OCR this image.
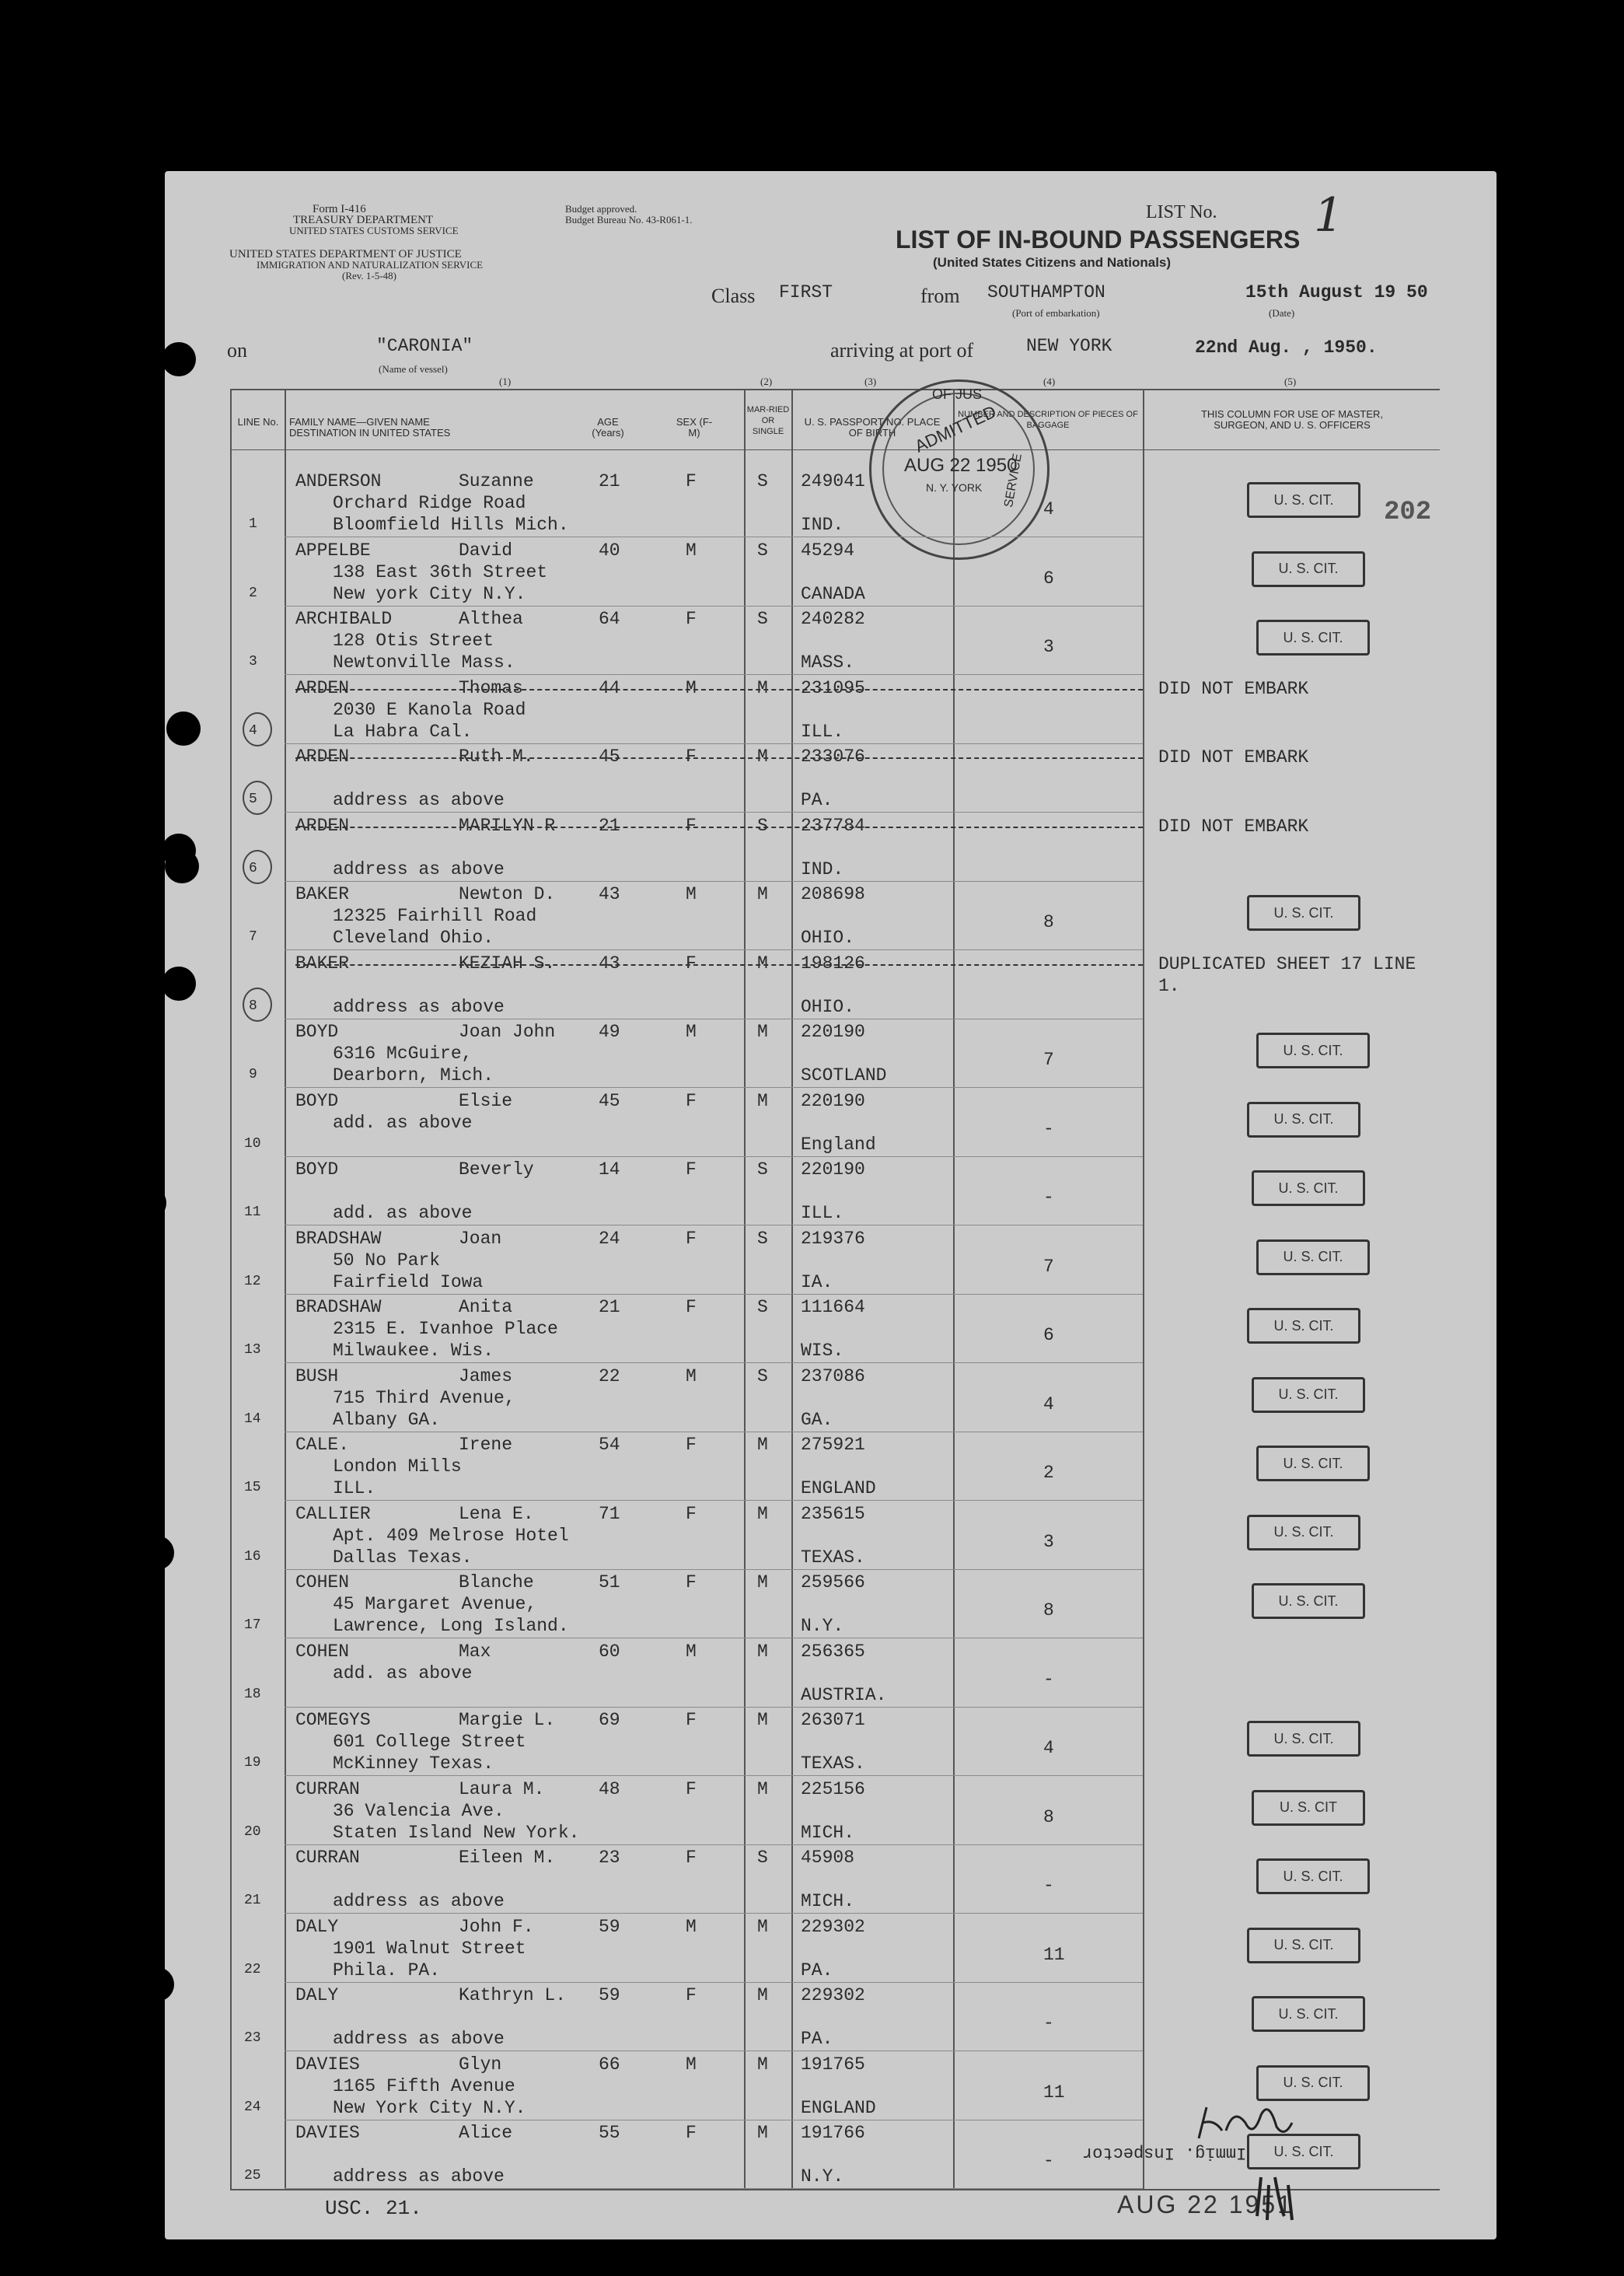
Form I-416
TREASURY DEPARTMENT
UNITED STATES CUSTOMS SERVICE
UNITED STATES DEPARTMENT OF JUSTICE
IMMIGRATION AND NATURALIZATION SERVICE
(Rev. 1-5-48)
Budget approved.
Budget Bureau No. 43-R061-1.	LIST No. 1
LIST OF IN-BOUND PASSENGERS
(United States Citizens and Nationals)
Class FIRST	from SOUTHAMPTON
(Port of embarkation)
15th August 19 50
(Date)
on	"CARONIA"
(Name of vessel)
arriving at port of	NEW YORK	22nd Aug. , 1950.
(1)	(2)	(3)	(4)	(5)
LINE No. FAMILY NAME—GIVEN NAME DESTINATION IN UNITED STATES
AGE (Years)
SEX (F-M)
MAR-RIED OR SINGLE
U. S. PASSPORT NO. PLACE OF BIRTH
NUMBER AND DESCRIPTION OF PIECES OF BAGGAGE
THIS COLUMN FOR USE OF MASTER, SURGEON, AND U. S. OFFICERS
OF JUS
ADMITTED
AUG 22 1950
N. Y. YORK SERVICE
202
1
ANDERSON	Suzanne
Orchard Ridge Road
Bloomfield Hills Mich.
21	F	S 249041
IND.
4	U. S. CIT.
2
APPELBE	David
138 East 36th Street
New york City N.Y.
40	M	S 45294
CANADA
6	U. S. CIT.
3
ARCHIBALD	Althea
128 Otis Street
Newtonville Mass.
64	F	S 240282
MASS.
3	U. S. CIT.
4
ARDEN	Thomas
2030 E Kanola Road
La Habra Cal.
44	M	M 231095
ILL.
DID NOT EMBARK
5
ARDEN	Ruth M.
address as above
45	F	M 233076
PA.
DID NOT EMBARK
6
ARDEN	MARILYN R
address as above
21	F	S 237784
IND.
DID NOT EMBARK
7
BAKER	Newton D.
12325 Fairhill Road
Cleveland Ohio.
43	M	M 208698
OHIO.
8	U. S. CIT.
8
BAKER	KEZIAH S.
address as above
43	F	M 198126
OHIO.
DUPLICATED SHEET 17 LINE 1.
9
BOYD	Joan John
6316 McGuire,
Dearborn, Mich.
49	M	M 220190
SCOTLAND
7	U. S. CIT.
10
BOYD	Elsie
add. as above
45	F	M 220190
England
-	U. S. CIT.
11
BOYD	Beverly
add. as above
14	F	S 220190
ILL.
-	U. S. CIT.
12
BRADSHAW	Joan
50 No Park
Fairfield Iowa
24	F	S 219376
IA.
7	U. S. CIT.
13
BRADSHAW	Anita
2315 E. Ivanhoe Place
Milwaukee. Wis.
21	F	S 111664
WIS.
6	U. S. CIT.
14
BUSH	James
715 Third Avenue,
Albany GA.
22	M	S 237086
GA.
4	U. S. CIT.
15
CALE.	Irene
London Mills
ILL.
54	F	M 275921
ENGLAND
2	U. S. CIT.
16
CALLIER	Lena E.
Apt. 409 Melrose Hotel
Dallas Texas.
71	F	M 235615
TEXAS.
3	U. S. CIT.
17
COHEN	Blanche
45 Margaret Avenue,
Lawrence, Long Island.
51	F	M 259566
N.Y.
8	U. S. CIT.
18
COHEN	Max
add. as above
60	M	M 256365
AUSTRIA.
-
19
COMEGYS	Margie L.
601 College Street
McKinney Texas.
69	F	M 263071
TEXAS.
4	U. S. CIT.
20
CURRAN	Laura M.
36 Valencia Ave.
Staten Island New York.
48	F	M 225156
MICH.
8	U. S. CIT
21
CURRAN	Eileen M.
address as above
23	F	S 45908
MICH.
-	U. S. CIT.
22
DALY	John F.
1901 Walnut Street
Phila. PA.
59	M	M 229302
PA.
11	U. S. CIT.
23
DALY	Kathryn L.
address as above
59	F	M 229302
PA.
-	U. S. CIT.
24
DAVIES	Glyn
1165 Fifth Avenue
New York City N.Y.
66	M	M 191765
ENGLAND
11	U. S. CIT.
25
DAVIES	Alice
address as above
55	F	M 191766
N.Y.
-	U. S. CIT.
USC. 21.	AUG 22 1951
Immig. Inspector
